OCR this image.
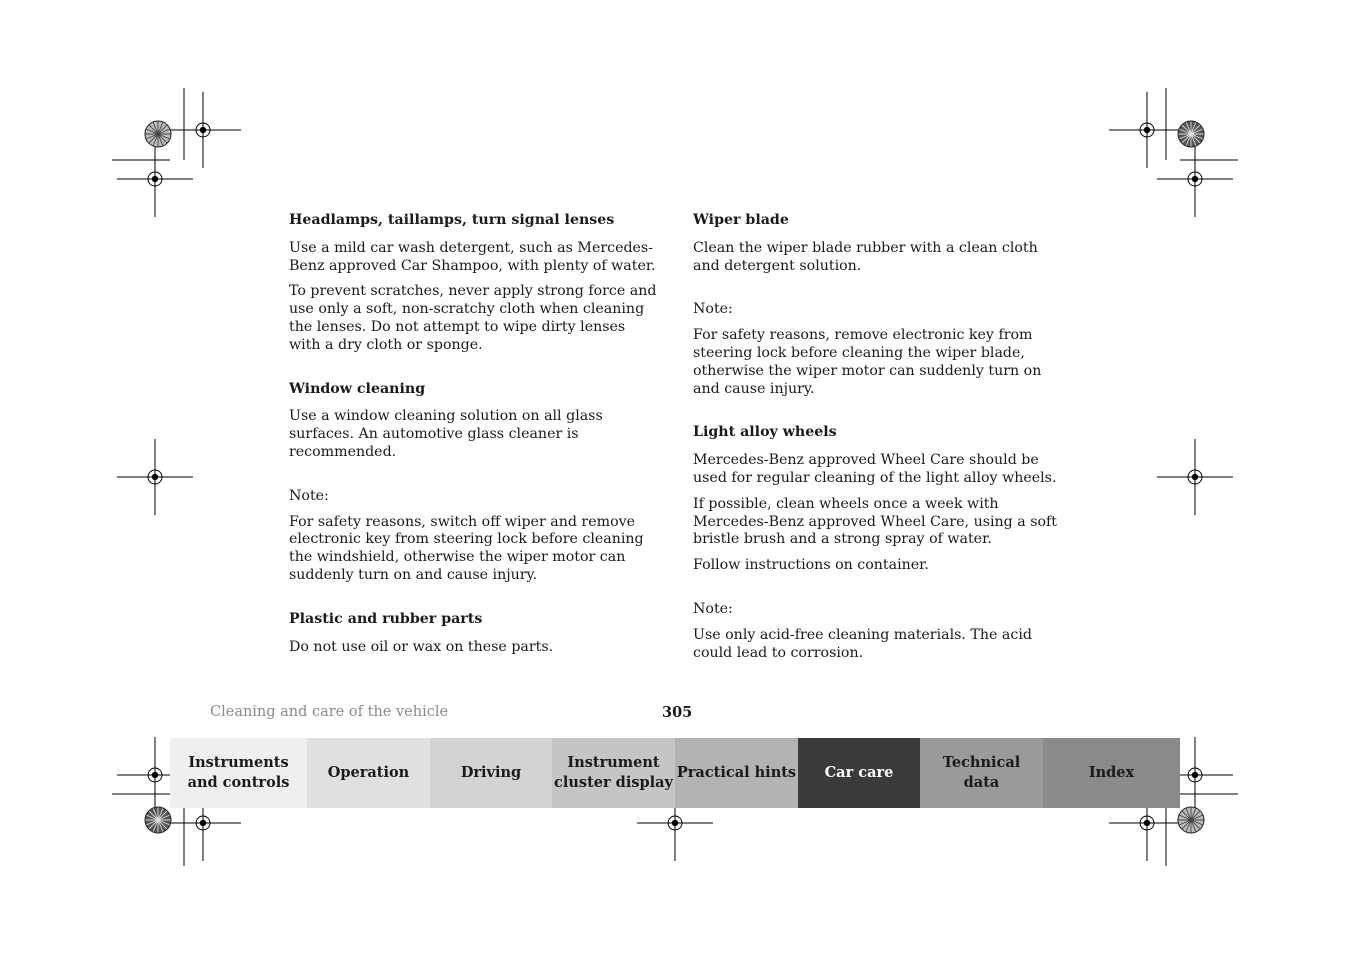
Headlamps, taillamps, turn signal lenses
Use a mild car wash detergent, such as Mercedes-Benz approved Car Shampoo, with plenty of water.
To prevent scratches, never apply strong force and use only a soft, non-scratchy cloth when cleaning the lenses. Do not attempt to wipe dirty lenses with a dry cloth or sponge.
Window cleaning
Use a window cleaning solution on all glass surfaces. An automotive glass cleaner is recommended.
Note:
For safety reasons, switch off wiper and remove electronic key from steering lock before cleaning the windshield, otherwise the wiper motor can suddenly turn on and cause injury.
Plastic and rubber parts
Do not use oil or wax on these parts.
Wiper blade
Clean the wiper blade rubber with a clean cloth and detergent solution.
Note:
For safety reasons, remove electronic key from steering lock before cleaning the wiper blade, otherwise the wiper motor can suddenly turn on and cause injury.
Light alloy wheels
Mercedes-Benz approved Wheel Care should be used for regular cleaning of the light alloy wheels.
If possible, clean wheels once a week with Mercedes-Benz approved Wheel Care, using a soft bristle brush and a strong spray of water.
Follow instructions on container.
Note:
Use only acid-free cleaning materials. The acid could lead to corrosion.
Cleaning and care of the vehicle	305
Instruments
and controls
Operation	Driving
Instrument
cluster display
Practical hints	Car care
Technical
data
Index
